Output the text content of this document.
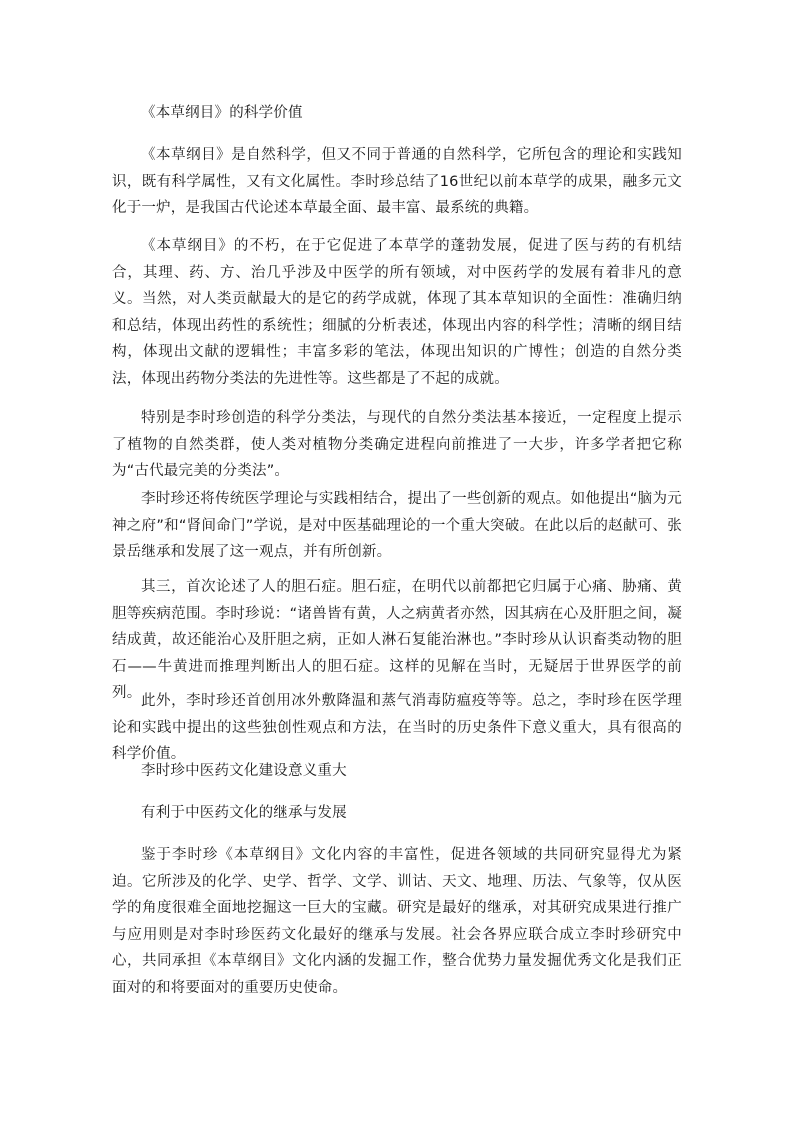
《本草纲目》的科学价值

《本草纲目》是自然科学，但又不同于普通的自然科学，它所包含的理论和实践知识，既有科学属性，又有文化属性。李时珍总结了16世纪以前本草学的成果，融多元文化于一炉，是我国古代论述本草最全面、最丰富、最系统的典籍。

《本草纲目》的不朽，在于它促进了本草学的蓬勃发展，促进了医与药的有机结合，其理、药、方、治几乎涉及中医学的所有领域，对中医药学的发展有着非凡的意义。当然，对人类贡献最大的是它的药学成就，体现了其本草知识的全面性：准确归纳和总结，体现出药性的系统性；细腻的分析表述，体现出内容的科学性；清晰的纲目结构，体现出文献的逻辑性；丰富多彩的笔法，体现出知识的广博性；创造的自然分类法，体现出药物分类法的先进性等。这些都是了不起的成就。

特别是李时珍创造的科学分类法，与现代的自然分类法基本接近，一定程度上提示了植物的自然类群，使人类对植物分类确定进程向前推进了一大步，许多学者把它称为“古代最完美的分类法”。

李时珍还将传统医学理论与实践相结合，提出了一些创新的观点。如他提出“脑为元神之府”和“肾间命门”学说，是对中医基础理论的一个重大突破。在此以后的赵献可、张景岳继承和发展了这一观点，并有所创新。

其三，首次论述了人的胆石症。胆石症，在明代以前都把它归属于心痛、胁痛、黄胆等疾病范围。李时珍说：“诸兽皆有黄，人之病黄者亦然，因其病在心及肝胆之间，凝结成黄，故还能治心及肝胆之病，正如人淋石复能治淋也。”李时珍从认识畜类动物的胆石——牛黄进而推理判断出人的胆石症。这样的见解在当时，无疑居于世界医学的前列。 此外，李时珍还首创用冰外敷降温和蒸气消毒防瘟疫等等。总之，李时珍在医学理论和实践中提出的这些独创性观点和方法，在当时的历史条件下意义重大，具有很高的科学价值。

李时珍中医药文化建设意义重大

有利于中医药文化的继承与发展

鉴于李时珍《本草纲目》文化内容的丰富性，促进各领域的共同研究显得尤为紧迫。它所涉及的化学、史学、哲学、文学、训诂、天文、地理、历法、气象等，仅从医学的角度很难全面地挖掘这一巨大的宝藏。研究是最好的继承，对其研究成果进行推广与应用则是对李时珍医药文化最好的继承与发展。社会各界应联合成立李时珍研究中心，共同承担《本草纲目》文化内涵的发掘工作，整合优势力量发掘优秀文化是我们正面对的和将要面对的重要历史使命。
